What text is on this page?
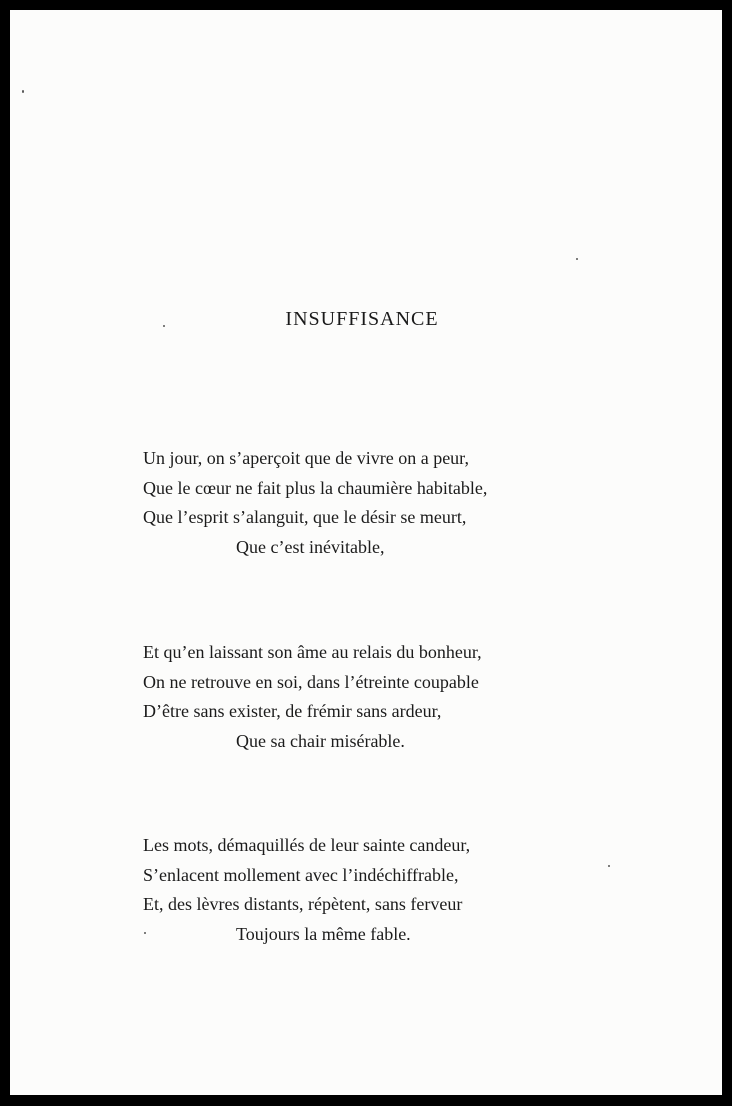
INSUFFISANCE
Un jour, on s’aperçoit que de vivre on a peur,
Que le cœur ne fait plus la chaumière habitable,
Que l’esprit s’alanguit, que le désir se meurt,
Que c’est inévitable,
Et qu’en laissant son âme au relais du bonheur,
On ne retrouve en soi, dans l’étreinte coupable
D’être sans exister, de frémir sans ardeur,
Que sa chair misérable.
Les mots, démaquillés de leur sainte candeur,
S’enlacent mollement avec l’indéchiffrable,
Et, des lèvres distants, répètent, sans ferveur
Toujours la même fable.
